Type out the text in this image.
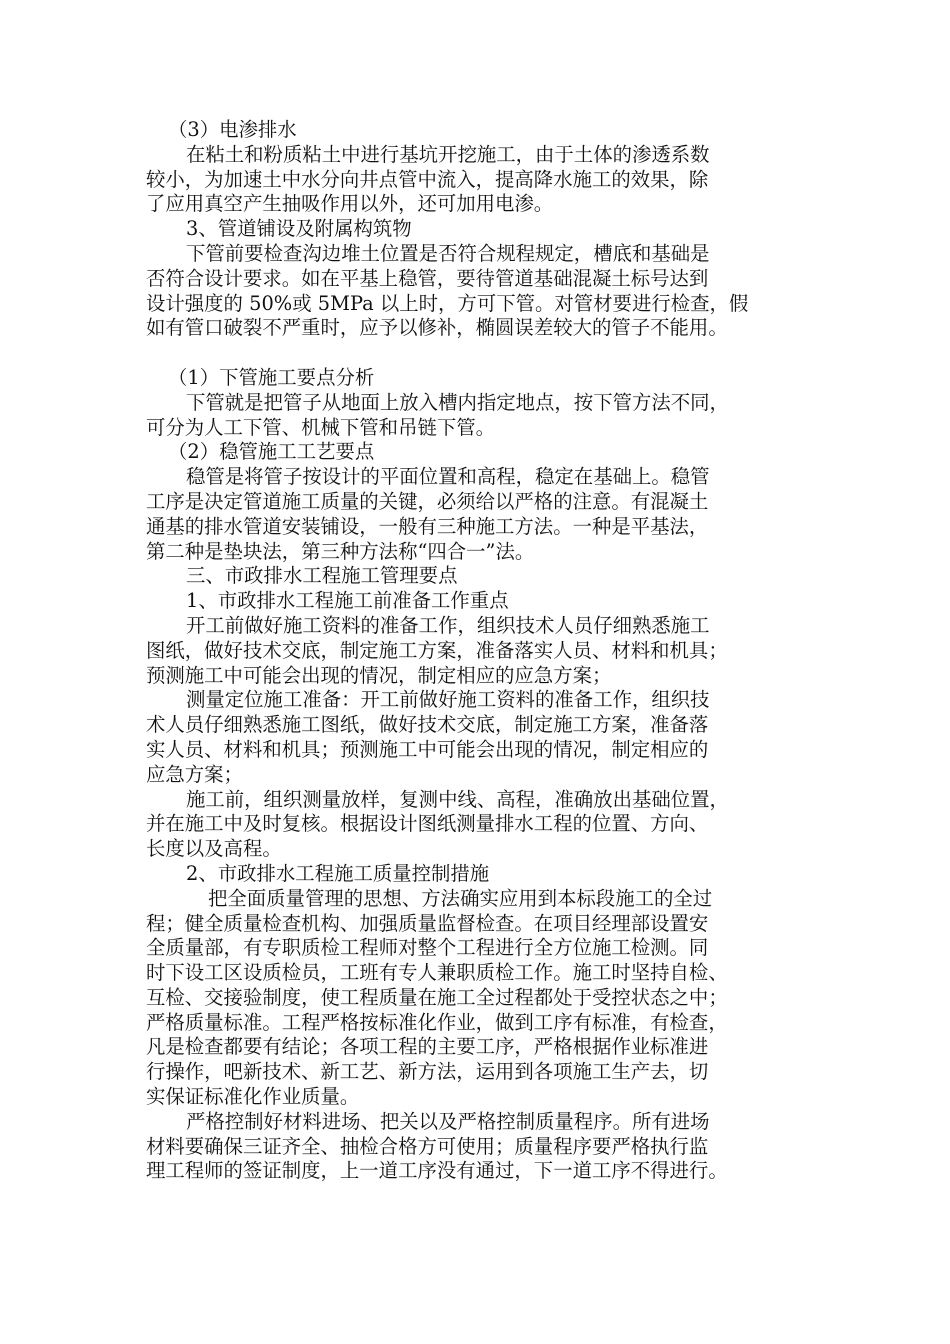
（3）电渗排水
在粘土和粉质粘土中进行基坑开挖施工，由于土体的渗透系数
较小，为加速土中水分向井点管中流入，提高降水施工的效果，除
了应用真空产生抽吸作用以外，还可加用电渗。
3、管道铺设及附属构筑物
下管前要检查沟边堆土位置是否符合规程规定，槽底和基础是
否符合设计要求。如在平基上稳管，要待管道基础混凝土标号达到
设计强度的 50%或 5MPa 以上时，方可下管。对管材要进行检查，假
如有管口破裂不严重时，应予以修补，椭圆误差较大的管子不能用。
（1）下管施工要点分析
下管就是把管子从地面上放入槽内指定地点，按下管方法不同，
可分为人工下管、机械下管和吊链下管。
（2）稳管施工工艺要点
稳管是将管子按设计的平面位置和高程，稳定在基础上。稳管
工序是决定管道施工质量的关键，必须给以严格的注意。有混凝土
通基的排水管道安装铺设，一般有三种施工方法。一种是平基法，
第二种是垫块法，第三种方法称“四合一”法。
三、市政排水工程施工管理要点
1、市政排水工程施工前准备工作重点
开工前做好施工资料的准备工作，组织技术人员仔细熟悉施工
图纸，做好技术交底，制定施工方案，准备落实人员、材料和机具；
预测施工中可能会出现的情况，制定相应的应急方案；
测量定位施工准备：开工前做好施工资料的准备工作，组织技
术人员仔细熟悉施工图纸，做好技术交底，制定施工方案，准备落
实人员、材料和机具；预测施工中可能会出现的情况，制定相应的
应急方案；
施工前，组织测量放样，复测中线、高程，准确放出基础位置，
并在施工中及时复核。根据设计图纸测量排水工程的位置、方向、
长度以及高程。
2、市政排水工程施工质量控制措施
把全面质量管理的思想、方法确实应用到本标段施工的全过
程；健全质量检查机构、加强质量监督检查。在项目经理部设置安
全质量部，有专职质检工程师对整个工程进行全方位施工检测。同
时下设工区设质检员，工班有专人兼职质检工作。施工时坚持自检、
互检、交接验制度，使工程质量在施工全过程都处于受控状态之中；
严格质量标准。工程严格按标准化作业，做到工序有标准，有检查，
凡是检查都要有结论；各项工程的主要工序，严格根据作业标准进
行操作，吧新技术、新工艺、新方法，运用到各项施工生产去，切
实保证标准化作业质量。
严格控制好材料进场、把关以及严格控制质量程序。所有进场
材料要确保三证齐全、抽检合格方可使用；质量程序要严格执行监
理工程师的签证制度，上一道工序没有通过，下一道工序不得进行。
